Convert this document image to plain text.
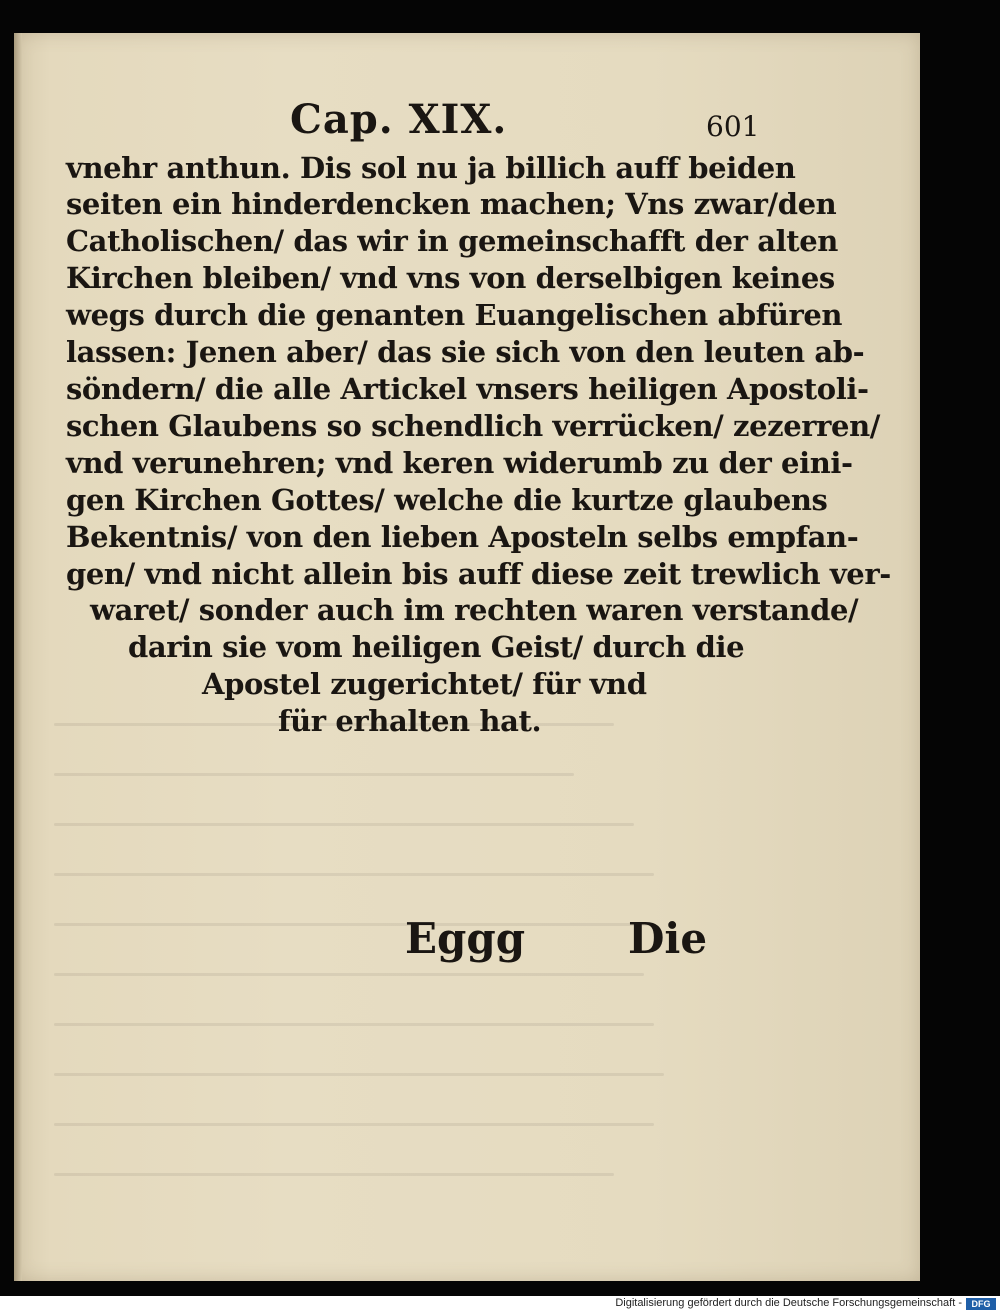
Cap. XIX.	601
vnehr anthun. Dis sol nu ja billich auff beiden
seiten ein hinderdencken machen; Vns zwar/den
Catholischen/ das wir in gemeinschafft der alten
Kirchen bleiben/ vnd vns von derselbigen keines
wegs durch die genanten Euangelischen abfüren
lassen: Jenen aber/ das sie sich von den leuten ab-
söndern/ die alle Artickel vnsers heiligen Apostoli-
schen Glaubens so schendlich verrücken/ zezerren/
vnd verunehren; vnd keren widerumb zu der eini-
gen Kirchen Gottes/ welche die kurtze glaubens
Bekentnis/ von den lieben Aposteln selbs empfan-
gen/ vnd nicht allein bis auff diese zeit trewlich ver-
waret/ sonder auch im rechten waren verstande/
darin sie vom heiligen Geist/ durch die
Apostel zugerichtet/ für vnd
für erhalten hat.
Eggg Die
Digitalisierung gefördert durch die Deutsche Forschungsgemeinschaft -	DFG
